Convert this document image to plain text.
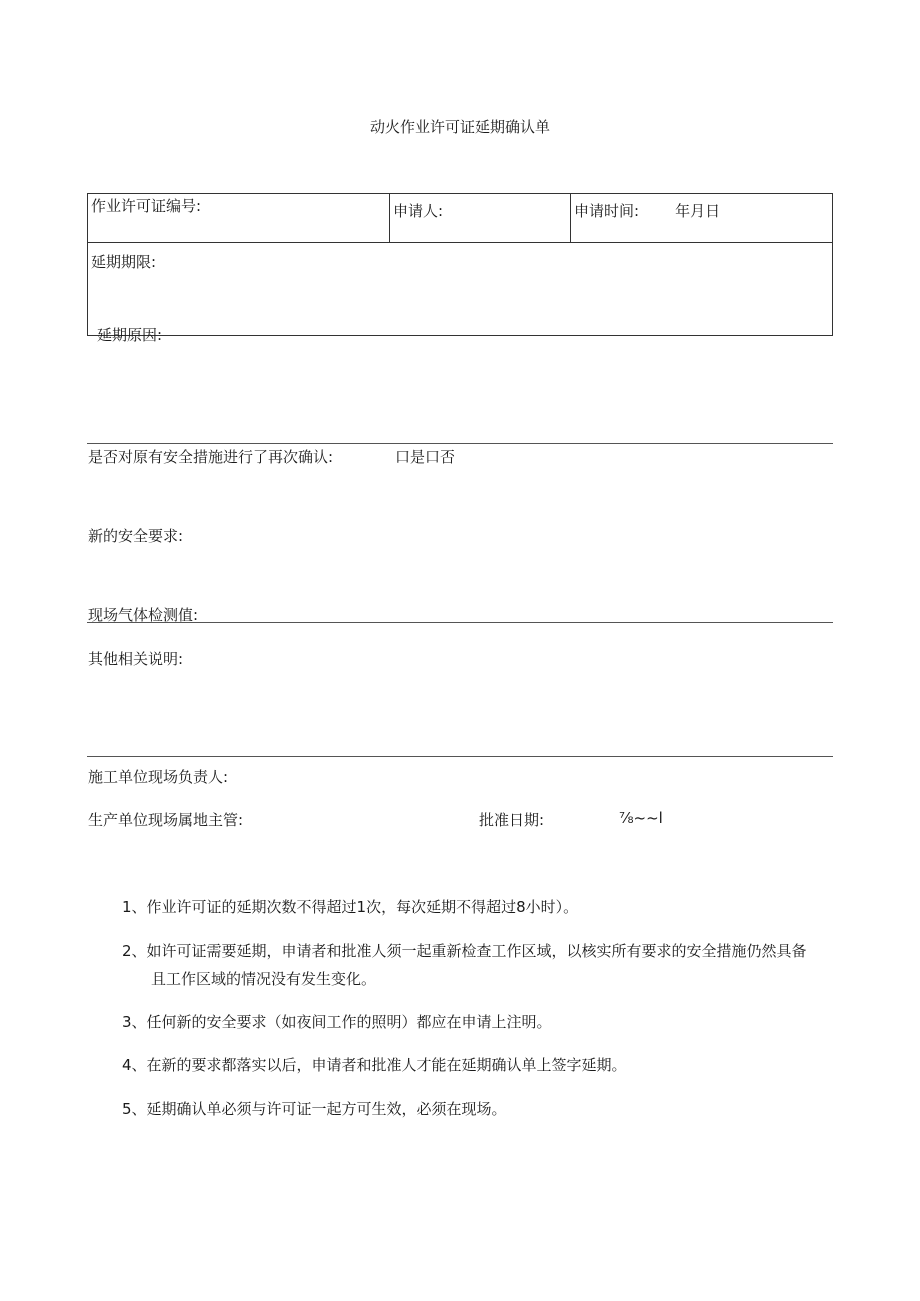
动火作业许可证延期确认单
作业许可证编号:	申请人:	申请时间: 年月日
延期期限:
延期原因:
是否对原有安全措施进行了再次确认:	口是口否
新的安全要求:
现场气体检测值:
其他相关说明:
施工单位现场负责人:
生产单位现场属地主管:	批准日期:	⅞~~l
1、作业许可证的延期次数不得超过1次，每次延期不得超过8小时）。
2、如许可证需要延期，申请者和批准人须一起重新检查工作区域，以核实所有要求的安全措施仍然具备
且工作区域的情况没有发生变化。
3、任何新的安全要求（如夜间工作的照明）都应在申请上注明。
4、在新的要求都落实以后，申请者和批准人才能在延期确认单上签字延期。
5、延期确认单必须与许可证一起方可生效，必须在现场。
